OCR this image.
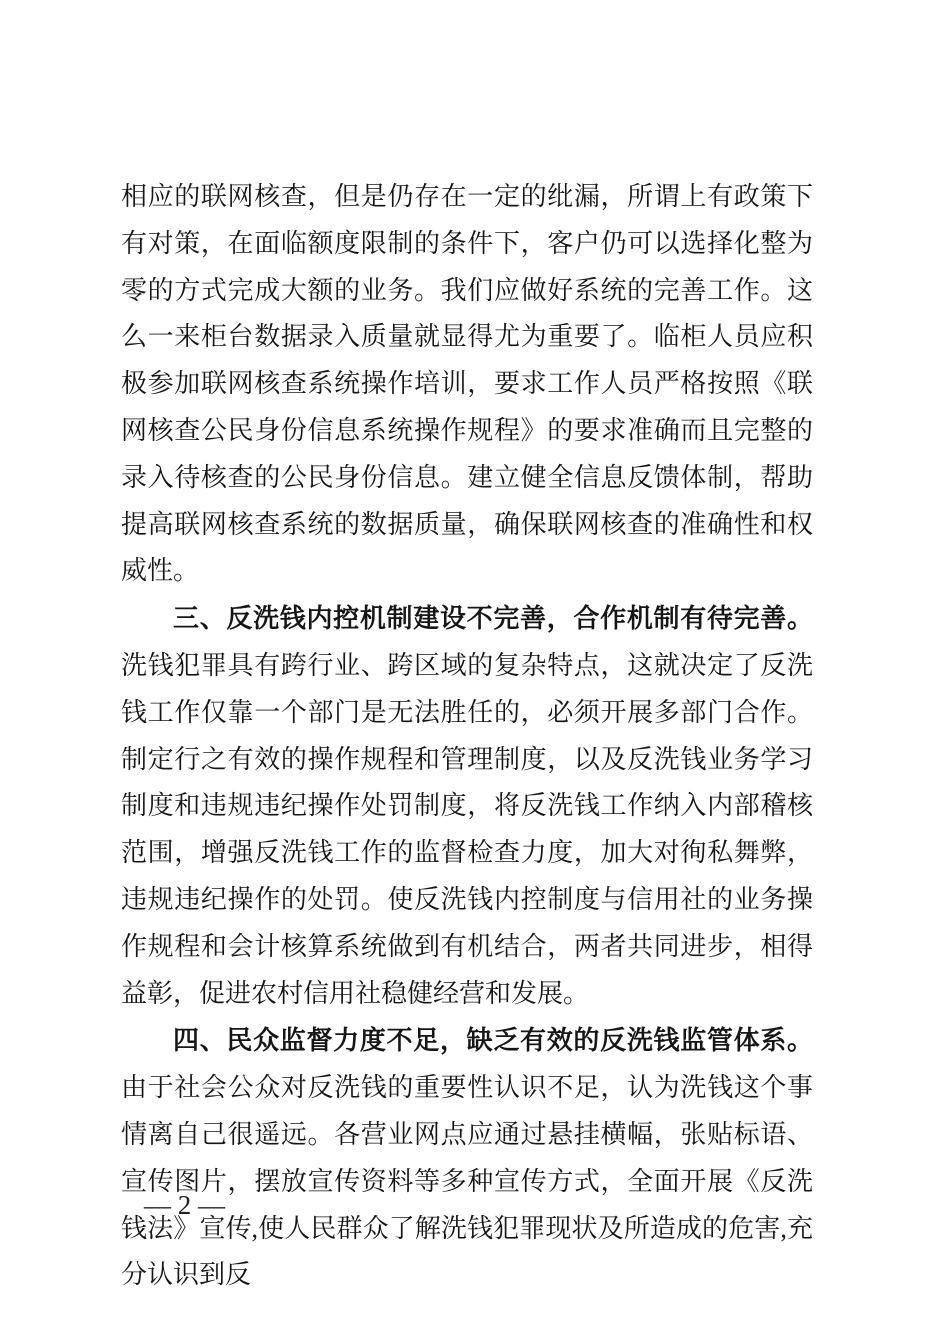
相应的联网核查，但是仍存在一定的纰漏，所谓上有政策下有对策，在面临额度限制的条件下，客户仍可以选择化整为零的方式完成大额的业务。我们应做好系统的完善工作。这么一来柜台数据录入质量就显得尤为重要了。临柜人员应积极参加联网核查系统操作培训，要求工作人员严格按照《联网核查公民身份信息系统操作规程》的要求准确而且完整的录入待核查的公民身份信息。建立健全信息反馈体制，帮助提高联网核查系统的数据质量，确保联网核查的准确性和权威性。

三、反洗钱内控机制建设不完善，合作机制有待完善。洗钱犯罪具有跨行业、跨区域的复杂特点，这就决定了反洗钱工作仅靠一个部门是无法胜任的，必须开展多部门合作。制定行之有效的操作规程和管理制度，以及反洗钱业务学习制度和违规违纪操作处罚制度，将反洗钱工作纳入内部稽核范围，增强反洗钱工作的监督检查力度，加大对徇私舞弊，违规违纪操作的处罚。使反洗钱内控制度与信用社的业务操作规程和会计核算系统做到有机结合，两者共同进步，相得益彰，促进农村信用社稳健经营和发展。

四、民众监督力度不足，缺乏有效的反洗钱监管体系。由于社会公众对反洗钱的重要性认识不足，认为洗钱这个事情离自己很遥远。各营业网点应通过悬挂横幅，张贴标语、宣传图片，摆放宣传资料等多种宣传方式，全面开展《反洗钱法》宣传,使人民群众了解洗钱犯罪现状及所造成的危害,充分认识到反

— 2 —
